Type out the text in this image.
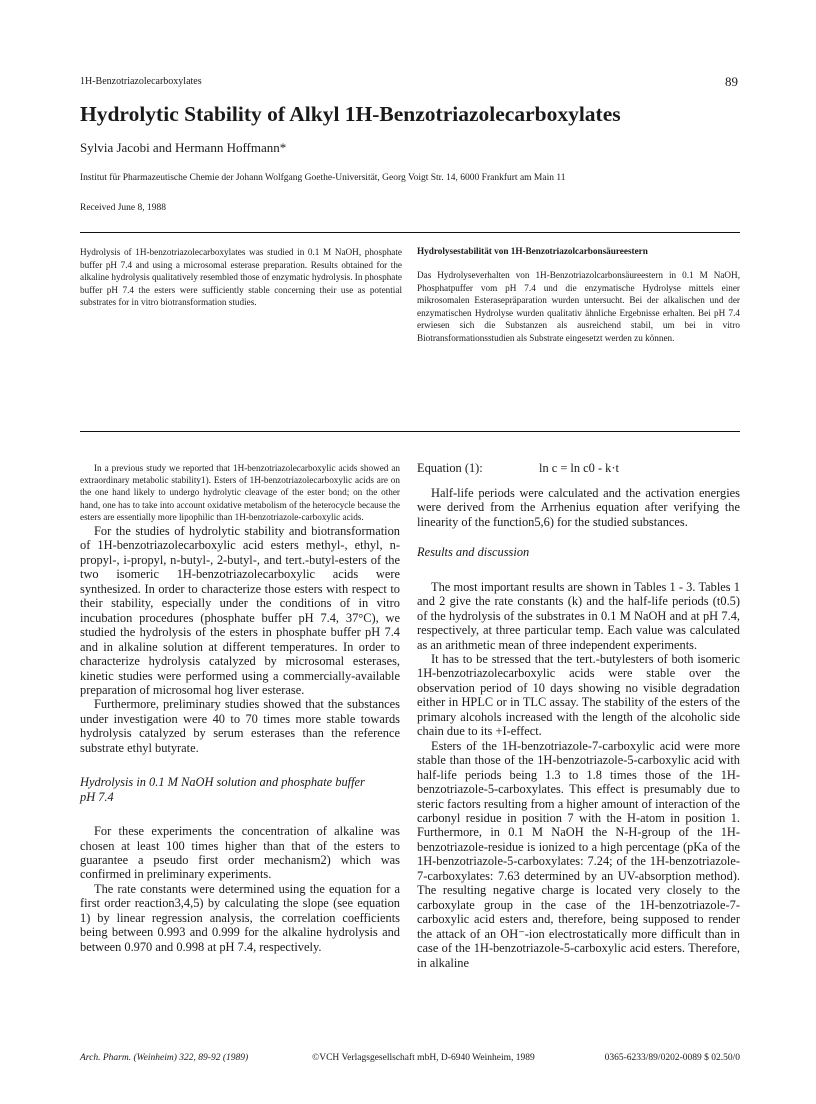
1H-Benzotriazolecarboxylates	89
Hydrolytic Stability of Alkyl 1H-Benzotriazolecarboxylates
Sylvia Jacobi and Hermann Hoffmann*
Institut für Pharmazeutische Chemie der Johann Wolfgang Goethe-Universität, Georg Voigt Str. 14, 6000 Frankfurt am Main 11
Received June 8, 1988
Hydrolysis of 1H-benzotriazolecarboxylates was studied in 0.1 M NaOH, phosphate buffer pH 7.4 and using a microsomal esterase preparation. Results obtained for the alkaline hydrolysis qualitatively resembled those of enzymatic hydrolysis. In phosphate buffer pH 7.4 the esters were sufficiently stable concerning their use as potential substrates for in vitro biotransformation studies.
Hydrolysestabilität von 1H-Benzotriazolcarbonsäureestern
Das Hydrolyseverhalten von 1H-Benzotriazolcarbonsäureestern in 0.1 M NaOH, Phosphatpuffer vom pH 7.4 und die enzymatische Hydrolyse mittels einer mikrosomalen Esterasepräparation wurden untersucht. Bei der alkalischen und der enzymatischen Hydrolyse wurden qualitativ ähnliche Ergebnisse erhalten. Bei pH 7.4 erwiesen sich die Substanzen als ausreichend stabil, um bei in vitro Biotransformationsstudien als Substrate eingesetzt werden zu können.

In a previous study we reported that 1H-benzotriazolecarboxylic acids showed an extraordinary metabolic stability1). Esters of 1H-benzotriazolecarboxylic acids are on the one hand likely to undergo hydrolytic cleavage of the ester bond; on the other hand, one has to take into account oxidative metabolism of the heterocycle because the esters are essentially more lipophilic than 1H-benzotriazole-carboxylic acids.

For the studies of hydrolytic stability and biotransformation of 1H-benzotriazolecarboxylic acid esters methyl-, ethyl, n-propyl-, i-propyl, n-butyl-, 2-butyl-, and tert.-butyl-esters of the two isomeric 1H-benzotriazolecarboxylic acids were synthesized. In order to characterize those esters with respect to their stability, especially under the conditions of in vitro incubation procedures (phosphate buffer pH 7.4, 37°C), we studied the hydrolysis of the esters in phosphate buffer pH 7.4 and in alkaline solution at different temperatures. In order to characterize hydrolysis catalyzed by microsomal esterases, kinetic studies were performed using a commercially-available preparation of microsomal hog liver esterase.

Furthermore, preliminary studies showed that the substances under investigation were 40 to 70 times more stable towards hydrolysis catalyzed by serum esterases than the reference substrate ethyl butyrate.

Hydrolysis in 0.1 M NaOH solution and phosphate buffer pH 7.4

For these experiments the concentration of alkaline was chosen at least 100 times higher than that of the esters to guarantee a pseudo first order mechanism2) which was confirmed in preliminary experiments.

The rate constants were determined using the equation for a first order reaction3,4,5) by calculating the slope (see equation 1) by linear regression analysis, the correlation coefficients being between 0.993 and 0.999 for the alkaline hydrolysis and between 0.970 and 0.998 at pH 7.4, respectively.

Equation (1):	ln c = ln c0 - k·t

Half-life periods were calculated and the activation energies were derived from the Arrhenius equation after verifying the linearity of the function5,6) for the studied substances.

Results and discussion

The most important results are shown in Tables 1 - 3. Tables 1 and 2 give the rate constants (k) and the half-life periods (t0.5) of the hydrolysis of the substrates in 0.1 M NaOH and at pH 7.4, respectively, at three particular temp. Each value was calculated as an arithmetic mean of three independent experiments.

It has to be stressed that the tert.-butylesters of both isomeric 1H-benzotriazolecarboxylic acids were stable over the observation period of 10 days showing no visible degradation either in HPLC or in TLC assay. The stability of the esters of the primary alcohols increased with the length of the alcoholic side chain due to its +I-effect.

Esters of the 1H-benzotriazole-7-carboxylic acid were more stable than those of the 1H-benzotriazole-5-carboxylic acid with half-life periods being 1.3 to 1.8 times those of the 1H-benzotriazole-5-carboxylates. This effect is presumably due to steric factors resulting from a higher amount of interaction of the carbonyl residue in position 7 with the H-atom in position 1. Furthermore, in 0.1 M NaOH the N-H-group of the 1H-benzotriazole-residue is ionized to a high percentage (pKa of the 1H-benzotriazole-5-carboxylates: 7.24; of the 1H-benzotriazole-7-carboxylates: 7.63 determined by an UV-absorption method). The resulting negative charge is located very closely to the carboxylate group in the case of the 1H-benzotriazole-7-carboxylic acid esters and, therefore, being supposed to render the attack of an OH⁻-ion electrostatically more difficult than in case of the 1H-benzotriazole-5-carboxylic acid esters. Therefore, in alkaline

Arch. Pharm. (Weinheim) 322, 89-92 (1989)	©VCH Verlagsgesellschaft mbH, D-6940 Weinheim, 1989	0365-6233/89/0202-0089 $ 02.50/0
